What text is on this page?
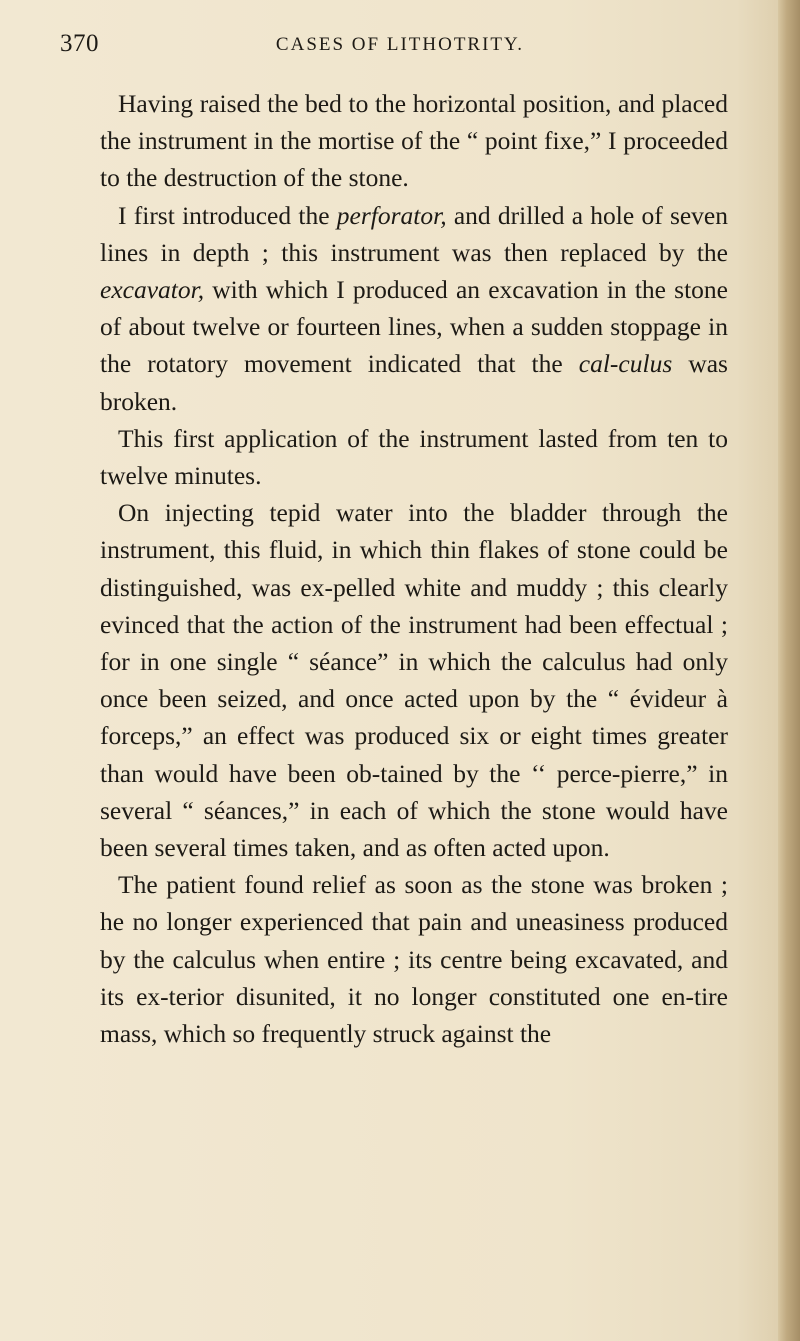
370	CASES OF LITHOTRITY.

Having raised the bed to the horizontal position, and placed the instrument in the mortise of the “ point fixe,” I proceeded to the destruction of the stone.

I first introduced the perforator, and drilled a hole of seven lines in depth ; this instrument was then replaced by the excavator, with which I produced an excavation in the stone of about twelve or fourteen lines, when a sudden stoppage in the rotatory movement indicated that the cal-culus was broken.

This first application of the instrument lasted from ten to twelve minutes.

On injecting tepid water into the bladder through the instrument, this fluid, in which thin flakes of stone could be distinguished, was ex-pelled white and muddy ; this clearly evinced that the action of the instrument had been effectual ; for in one single “ séance” in which the calculus had only once been seized, and once acted upon by the “ évideur à forceps,” an effect was produced six or eight times greater than would have been ob-tained by the ‘‘ perce-pierre,” in several “ séances,” in each of which the stone would have been several times taken, and as often acted upon.

The patient found relief as soon as the stone was broken ; he no longer experienced that pain and uneasiness produced by the calculus when entire ; its centre being excavated, and its ex-terior disunited, it no longer constituted one en-tire mass, which so frequently struck against the
